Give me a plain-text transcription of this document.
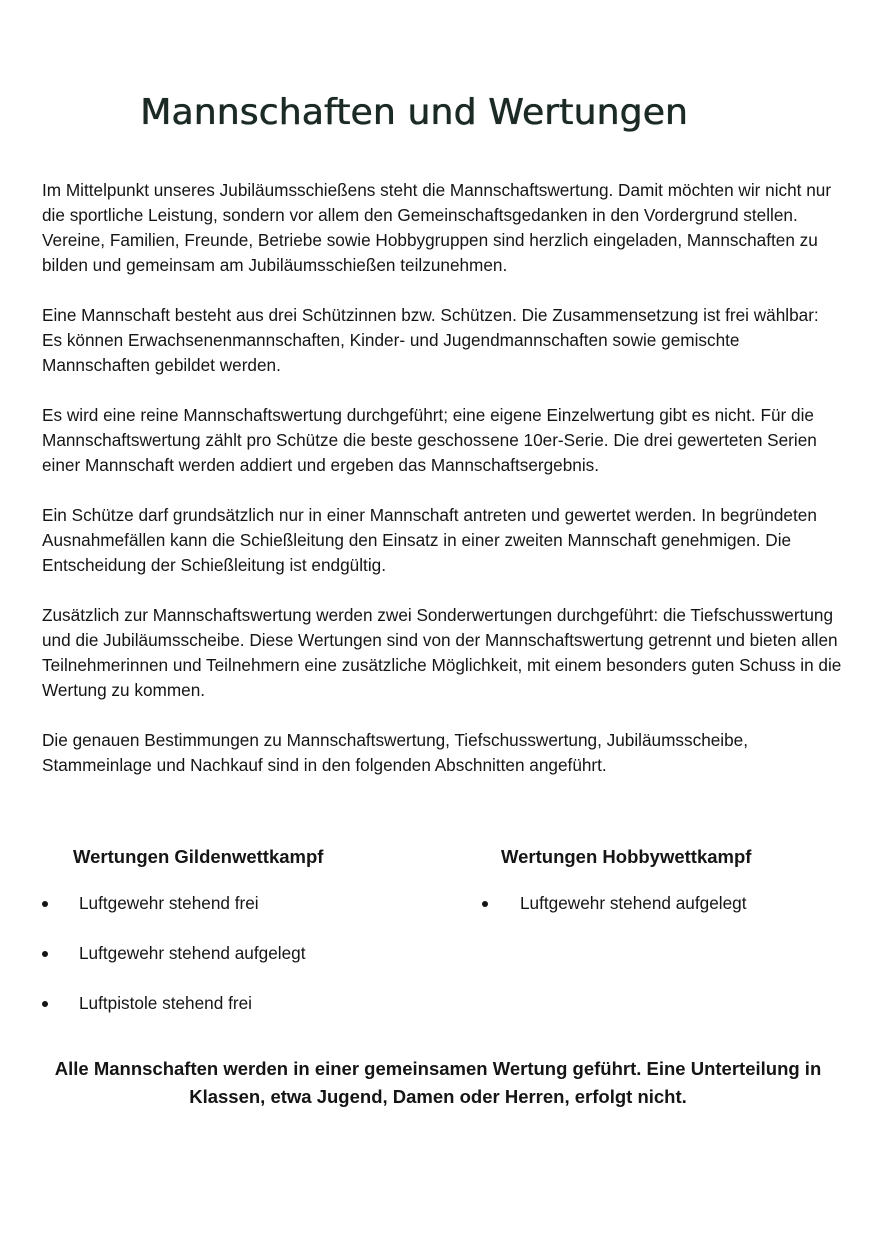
Mannschaften und Wertungen

Im Mittelpunkt unseres Jubiläumsschießens steht die Mannschaftswertung. Damit möchten wir nicht nur die sportliche Leistung, sondern vor allem den Gemeinschaftsgedanken in den Vordergrund stellen. Vereine, Familien, Freunde, Betriebe sowie Hobbygruppen sind herzlich eingeladen, Mannschaften zu bilden und gemeinsam am Jubiläumsschießen teilzunehmen.

Eine Mannschaft besteht aus drei Schützinnen bzw. Schützen. Die Zusammensetzung ist frei wählbar: Es können Erwachsenenmannschaften, Kinder- und Jugendmannschaften sowie gemischte Mannschaften gebildet werden.

Es wird eine reine Mannschaftswertung durchgeführt; eine eigene Einzelwertung gibt es nicht. Für die Mannschaftswertung zählt pro Schütze die beste geschossene 10er-Serie. Die drei gewerteten Serien einer Mannschaft werden addiert und ergeben das Mannschaftsergebnis.

Ein Schütze darf grundsätzlich nur in einer Mannschaft antreten und gewertet werden. In begründeten Ausnahmefällen kann die Schießleitung den Einsatz in einer zweiten Mannschaft genehmigen. Die Entscheidung der Schießleitung ist endgültig.

Zusätzlich zur Mannschaftswertung werden zwei Sonderwertungen durchgeführt: die Tiefschusswertung und die Jubiläumsscheibe. Diese Wertungen sind von der Mannschaftswertung getrennt und bieten allen Teilnehmerinnen und Teilnehmern eine zusätzliche Möglichkeit, mit einem besonders guten Schuss in die Wertung zu kommen.

Die genauen Bestimmungen zu Mannschaftswertung, Tiefschusswertung, Jubiläumsscheibe, Stammeinlage und Nachkauf sind in den folgenden Abschnitten angeführt.

Wertungen Gildenwettkampf
Luftgewehr stehend frei
Luftgewehr stehend aufgelegt
Luftpistole stehend frei
Wertungen Hobbywettkampf
Luftgewehr stehend aufgelegt

Alle Mannschaften werden in einer gemeinsamen Wertung geführt. Eine Unterteilung in Klassen, etwa Jugend, Damen oder Herren, erfolgt nicht.
